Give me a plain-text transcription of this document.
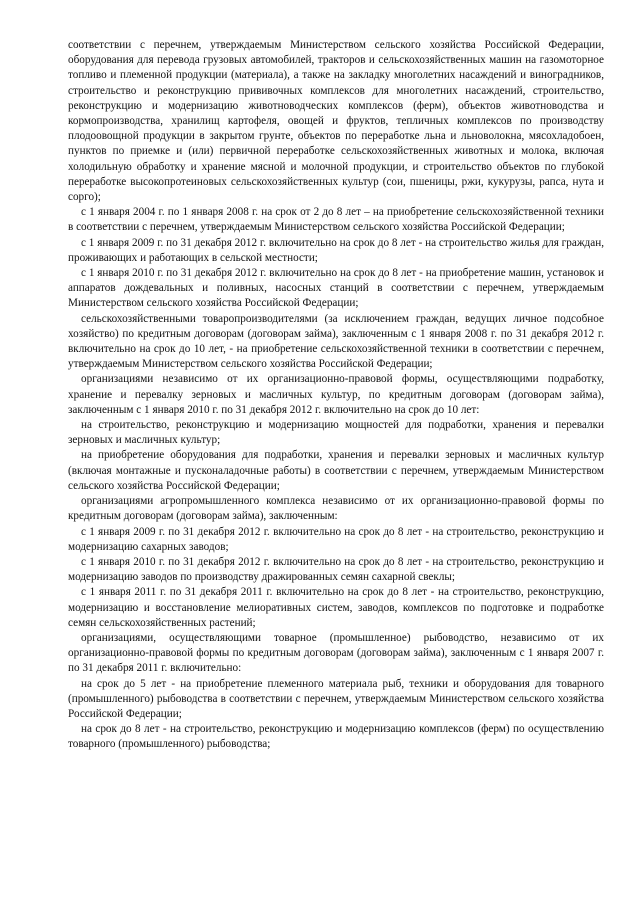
соответствии с перечнем, утверждаемым Министерством сельского хозяйства Российской Федерации, оборудования для перевода грузовых автомобилей, тракторов и сельскохозяйственных машин на газомоторное топливо и племенной продукции (материала), а также на закладку многолетних насаждений и виноградников, строительство и реконструкцию прививочных комплексов для многолетних насаждений, строительство, реконструкцию и модернизацию животноводческих комплексов (ферм), объектов животноводства и кормопроизводства, хранилищ картофеля, овощей и фруктов, тепличных комплексов по производству плодоовощной продукции в закрытом грунте, объектов по переработке льна и льноволокна, мясохладобоен, пунктов по приемке и (или) первичной переработке сельскохозяйственных животных и молока, включая холодильную обработку и хранение мясной и молочной продукции, и строительство объектов по глубокой переработке высокопротеиновых сельскохозяйственных культур (сои, пшеницы, ржи, кукурузы, рапса, нута и сорго);

с 1 января 2004 г. по 1 января 2008 г. на срок от 2 до 8 лет – на приобретение сельскохозяйственной техники в соответствии с перечнем, утверждаемым Министерством сельского хозяйства Российской Федерации;

с 1 января 2009 г. по 31 декабря 2012 г. включительно на срок до 8 лет - на строительство жилья для граждан, проживающих и работающих в сельской местности;

с 1 января 2010 г. по 31 декабря 2012 г. включительно на срок до 8 лет - на приобретение машин, установок и аппаратов дождевальных и поливных, насосных станций в соответствии с перечнем, утверждаемым Министерством сельского хозяйства Российской Федерации;

сельскохозяйственными товаропроизводителями (за исключением граждан, ведущих личное подсобное хозяйство) по кредитным договорам (договорам займа), заключенным с 1 января 2008 г. по 31 декабря 2012 г. включительно на срок до 10 лет, - на приобретение сельскохозяйственной техники в соответствии с перечнем, утверждаемым Министерством сельского хозяйства Российской Федерации;

организациями независимо от их организационно-правовой формы, осуществляющими подработку, хранение и перевалку зерновых и масличных культур, по кредитным договорам (договорам займа), заключенным с 1 января 2010 г. по 31 декабря 2012 г. включительно на срок до 10 лет:

на строительство, реконструкцию и модернизацию мощностей для подработки, хранения и перевалки зерновых и масличных культур;

на приобретение оборудования для подработки, хранения и перевалки зерновых и масличных культур (включая монтажные и пусконаладочные работы) в соответствии с перечнем, утверждаемым Министерством сельского хозяйства Российской Федерации;

организациями агропромышленного комплекса независимо от их организационно-правовой формы по кредитным договорам (договорам займа), заключенным:

с 1 января 2009 г. по 31 декабря 2012 г. включительно на срок до 8 лет - на строительство, реконструкцию и модернизацию сахарных заводов;

с 1 января 2010 г. по 31 декабря 2012 г. включительно на срок до 8 лет - на строительство, реконструкцию и модернизацию заводов по производству дражированных семян сахарной свеклы;

с 1 января 2011 г. по 31 декабря 2011 г. включительно на срок до 8 лет - на строительство, реконструкцию, модернизацию и восстановление мелиоративных систем, заводов, комплексов по подготовке и подработке семян сельскохозяйственных растений;

организациями, осуществляющими товарное (промышленное) рыбоводство, независимо от их организационно-правовой формы по кредитным договорам (договорам займа), заключенным с 1 января 2007 г. по 31 декабря 2011 г. включительно:

на срок до 5 лет - на приобретение племенного материала рыб, техники и оборудования для товарного (промышленного) рыбоводства в соответствии с перечнем, утверждаемым Министерством сельского хозяйства Российской Федерации;

на срок до 8 лет - на строительство, реконструкцию и модернизацию комплексов (ферм) по осуществлению товарного (промышленного) рыбоводства;
